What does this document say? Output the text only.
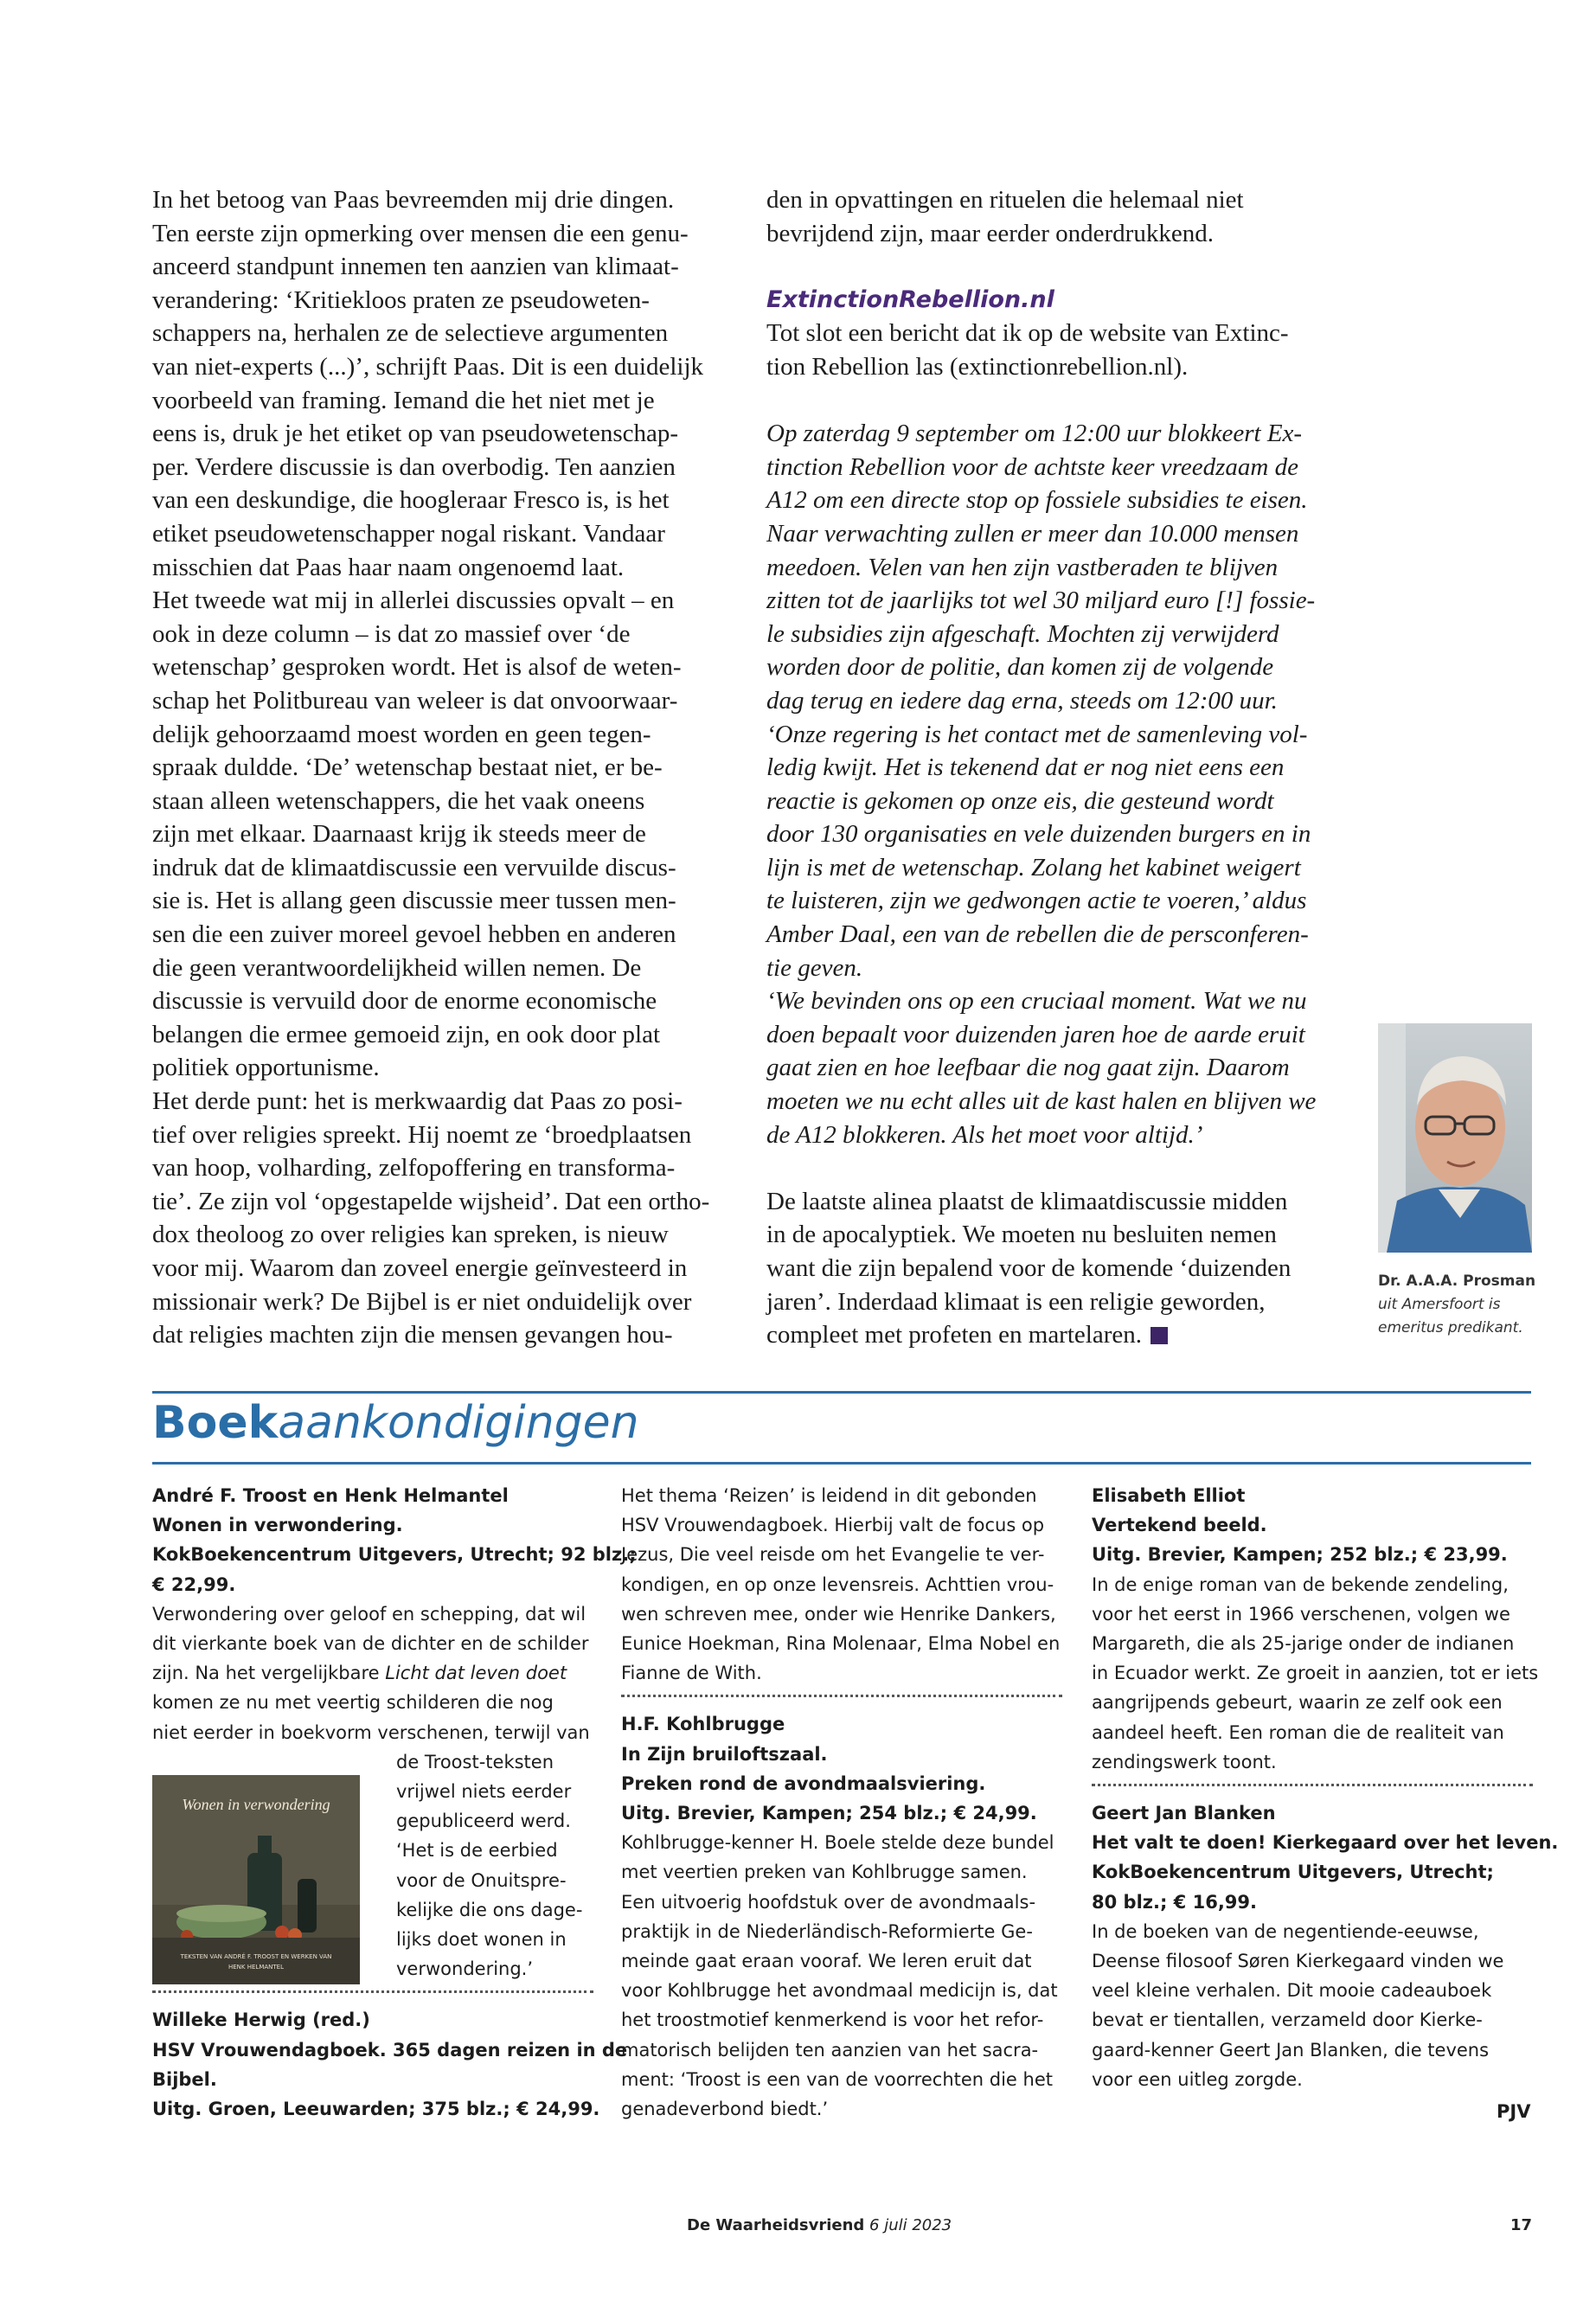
In het betoog van Paas bevreemden mij drie dingen.
Ten eerste zijn opmerking over mensen die een genu-
anceerd standpunt innemen ten aanzien van klimaat-
verandering: ‘Kritiekloos praten ze pseudoweten-
schappers na, herhalen ze de selectieve argumenten
van niet-experts (...)’, schrijft Paas. Dit is een duidelijk
voorbeeld van framing. Iemand die het niet met je
eens is, druk je het etiket op van pseudowetenschap-
per. Verdere discussie is dan overbodig. Ten aanzien
van een deskundige, die hoogleraar Fresco is, is het
etiket pseudowetenschapper nogal riskant. Vandaar
misschien dat Paas haar naam ongenoemd laat.
Het tweede wat mij in allerlei discussies opvalt – en
ook in deze column – is dat zo massief over ‘de
wetenschap’ gesproken wordt. Het is alsof de weten-
schap het Politbureau van weleer is dat onvoorwaar-
delijk gehoorzaamd moest worden en geen tegen-
spraak duldde. ‘De’ wetenschap bestaat niet, er be-
staan alleen wetenschappers, die het vaak oneens
zijn met elkaar. Daarnaast krijg ik steeds meer de
indruk dat de klimaatdiscussie een vervuilde discus-
sie is. Het is allang geen discussie meer tussen men-
sen die een zuiver moreel gevoel hebben en anderen
die geen verantwoordelijkheid willen nemen. De
discussie is vervuild door de enorme economische
belangen die ermee gemoeid zijn, en ook door plat
politiek opportunisme.
Het derde punt: het is merkwaardig dat Paas zo posi-
tief over religies spreekt. Hij noemt ze ‘broedplaatsen
van hoop, volharding, zelfopoffering en transforma-
tie’. Ze zijn vol ‘opgestapelde wijsheid’. Dat een ortho-
dox theoloog zo over religies kan spreken, is nieuw
voor mij. Waarom dan zoveel energie geïnvesteerd in
missionair werk? De Bijbel is er niet onduidelijk over
dat religies machten zijn die mensen gevangen hou-
den in opvattingen en rituelen die helemaal niet
bevrijdend zijn, maar eerder onderdrukkend.
ExtinctionRebellion.nl
Tot slot een bericht dat ik op de website van Extinc-
tion Rebellion las (extinctionrebellion.nl).
Op zaterdag 9 september om 12:00 uur blokkeert Ex-
tinction Rebellion voor de achtste keer vreedzaam de
A12 om een directe stop op fossiele subsidies te eisen.
Naar verwachting zullen er meer dan 10.000 mensen
meedoen. Velen van hen zijn vastberaden te blijven
zitten tot de jaarlijks tot wel 30 miljard euro [!] fossie-
le subsidies zijn afgeschaft. Mochten zij verwijderd
worden door de politie, dan komen zij de volgende
dag terug en iedere dag erna, steeds om 12:00 uur.
‘Onze regering is het contact met de samenleving vol-
ledig kwijt. Het is tekenend dat er nog niet eens een
reactie is gekomen op onze eis, die gesteund wordt
door 130 organisaties en vele duizenden burgers en in
lijn is met de wetenschap. Zolang het kabinet weigert
te luisteren, zijn we gedwongen actie te voeren,’ aldus
Amber Daal, een van de rebellen die de persconferen-
tie geven.
‘We bevinden ons op een cruciaal moment. Wat we nu
doen bepaalt voor duizenden jaren hoe de aarde eruit
gaat zien en hoe leefbaar die nog gaat zijn. Daarom
moeten we nu echt alles uit de kast halen en blijven we
de A12 blokkeren. Als het moet voor altijd.’
De laatste alinea plaatst de klimaatdiscussie midden
in de apocalyptiek. We moeten nu besluiten nemen
want die zijn bepalend voor de komende ‘duizenden
jaren’. Inderdaad klimaat is een religie geworden,
compleet met profeten en martelaren.
Dr. A.A.A. Prosman
uit Amersfoort is
emeritus predikant.
Boekaankondigingen
André F. Troost en Henk Helmantel
Wonen in verwondering.
KokBoekencentrum Uitgevers, Utrecht; 92 blz.;
€ 22,99.
Verwondering over geloof en schepping, dat wil
dit vierkante boek van de dichter en de schilder
zijn. Na het vergelijkbare Licht dat leven doet
komen ze nu met veertig schilderen die nog
niet eerder in boekvorm verschenen, terwijl van
de Troost-teksten
vrijwel niets eerder
gepubliceerd werd.
‘Het is de eerbied
voor de Onuitspre-
kelijke die ons dage-
lijks doet wonen in
verwondering.’
Willeke Herwig (red.)
HSV Vrouwendagboek. 365 dagen reizen in de
Bijbel.
Uitg. Groen, Leeuwarden; 375 blz.; € 24,99.
Wonen in verwondering
TEKSTEN VAN ANDRÉ F. TROOST EN WERKEN VAN
HENK HELMANTEL
Het thema ‘Reizen’ is leidend in dit gebonden
HSV Vrouwendagboek. Hierbij valt de focus op
Jezus, Die veel reisde om het Evangelie te ver-
kondigen, en op onze levensreis. Achttien vrou-
wen schreven mee, onder wie Henrike Dankers,
Eunice Hoekman, Rina Molenaar, Elma Nobel en
Fianne de With.
H.F. Kohlbrugge
In Zijn bruiloftszaal.
Preken rond de avondmaalsviering.
Uitg. Brevier, Kampen; 254 blz.; € 24,99.
Kohlbrugge-kenner H. Boele stelde deze bundel
met veertien preken van Kohlbrugge samen.
Een uitvoerig hoofdstuk over de avondmaals-
praktijk in de Niederländisch-Reformierte Ge-
meinde gaat eraan vooraf. We leren eruit dat
voor Kohlbrugge het avondmaal medicijn is, dat
het troostmotief kenmerkend is voor het refor-
matorisch belijden ten aanzien van het sacra-
ment: ‘Troost is een van de voorrechten die het
genadeverbond biedt.’
Elisabeth Elliot
Vertekend beeld.
Uitg. Brevier, Kampen; 252 blz.; € 23,99.
In de enige roman van de bekende zendeling,
voor het eerst in 1966 verschenen, volgen we
Margareth, die als 25-jarige onder de indianen
in Ecuador werkt. Ze groeit in aanzien, tot er iets
aangrijpends gebeurt, waarin ze zelf ook een
aandeel heeft. Een roman die de realiteit van
zendingswerk toont.
Geert Jan Blanken
Het valt te doen! Kierkegaard over het leven.
KokBoekencentrum Uitgevers, Utrecht;
80 blz.; € 16,99.
In de boeken van de negentiende-eeuwse,
Deense filosoof Søren Kierkegaard vinden we
veel kleine verhalen. Dit mooie cadeauboek
bevat er tientallen, verzameld door Kierke-
gaard-kenner Geert Jan Blanken, die tevens
voor een uitleg zorgde.
PJV
De Waarheidsvriend 6 juli 2023	17
